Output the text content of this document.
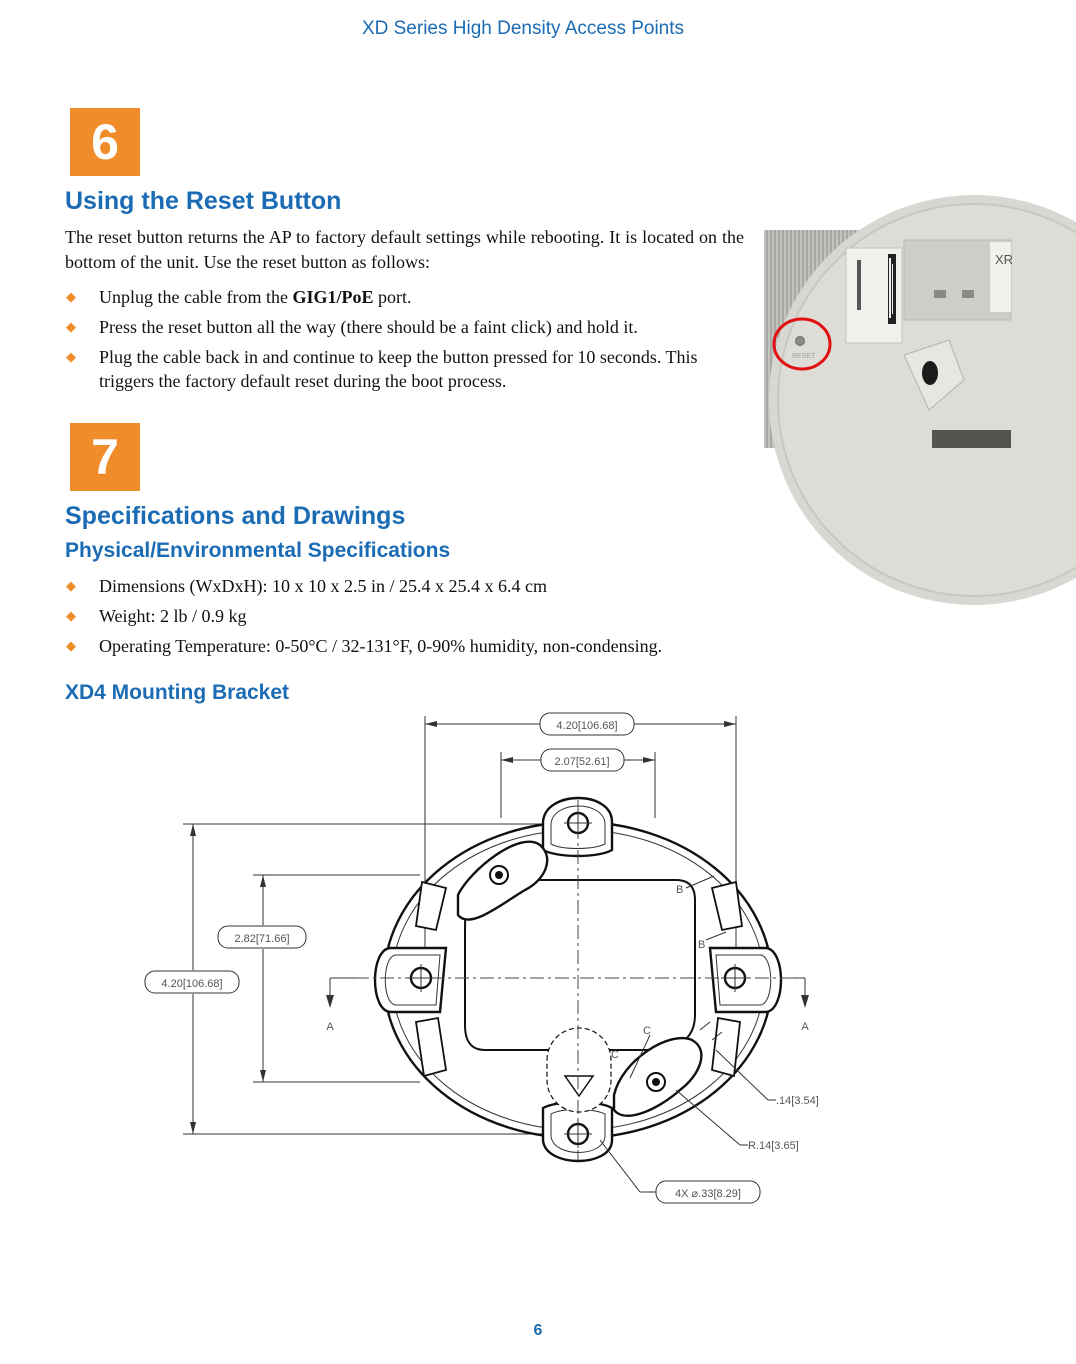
XD Series High Density Access Points
6
Using the Reset Button
The reset button returns the AP to factory default settings while rebooting. It is located on the bottom of the unit. Use the reset button as follows:
◆ Unplug the cable from the GIG1/PoE port.
◆ Press the reset button all the way (there should be a faint click) and hold it.
◆ Plug the cable back in and continue to keep the button pressed for 10 seconds. This triggers the factory default reset during the boot process.
XR
RESET
7
Specifications and Drawings
Physical/Environmental Specifications
◆ Dimensions (WxDxH): 10 x 10 x 2.5 in / 25.4 x 25.4 x 6.4 cm
◆ Weight: 2 lb / 0.9 kg
◆ Operating Temperature: 0-50°C / 32-131°F, 0-90% humidity, non-condensing.
XD4 Mounting Bracket
4.20[106.68]
2.07[52.61]
2.82[71.66]
4.20[106.68]
A	A
B
B
C
C
.14[3.54]
R.14[3.65]
4X ⌀.33[8.29]
6
